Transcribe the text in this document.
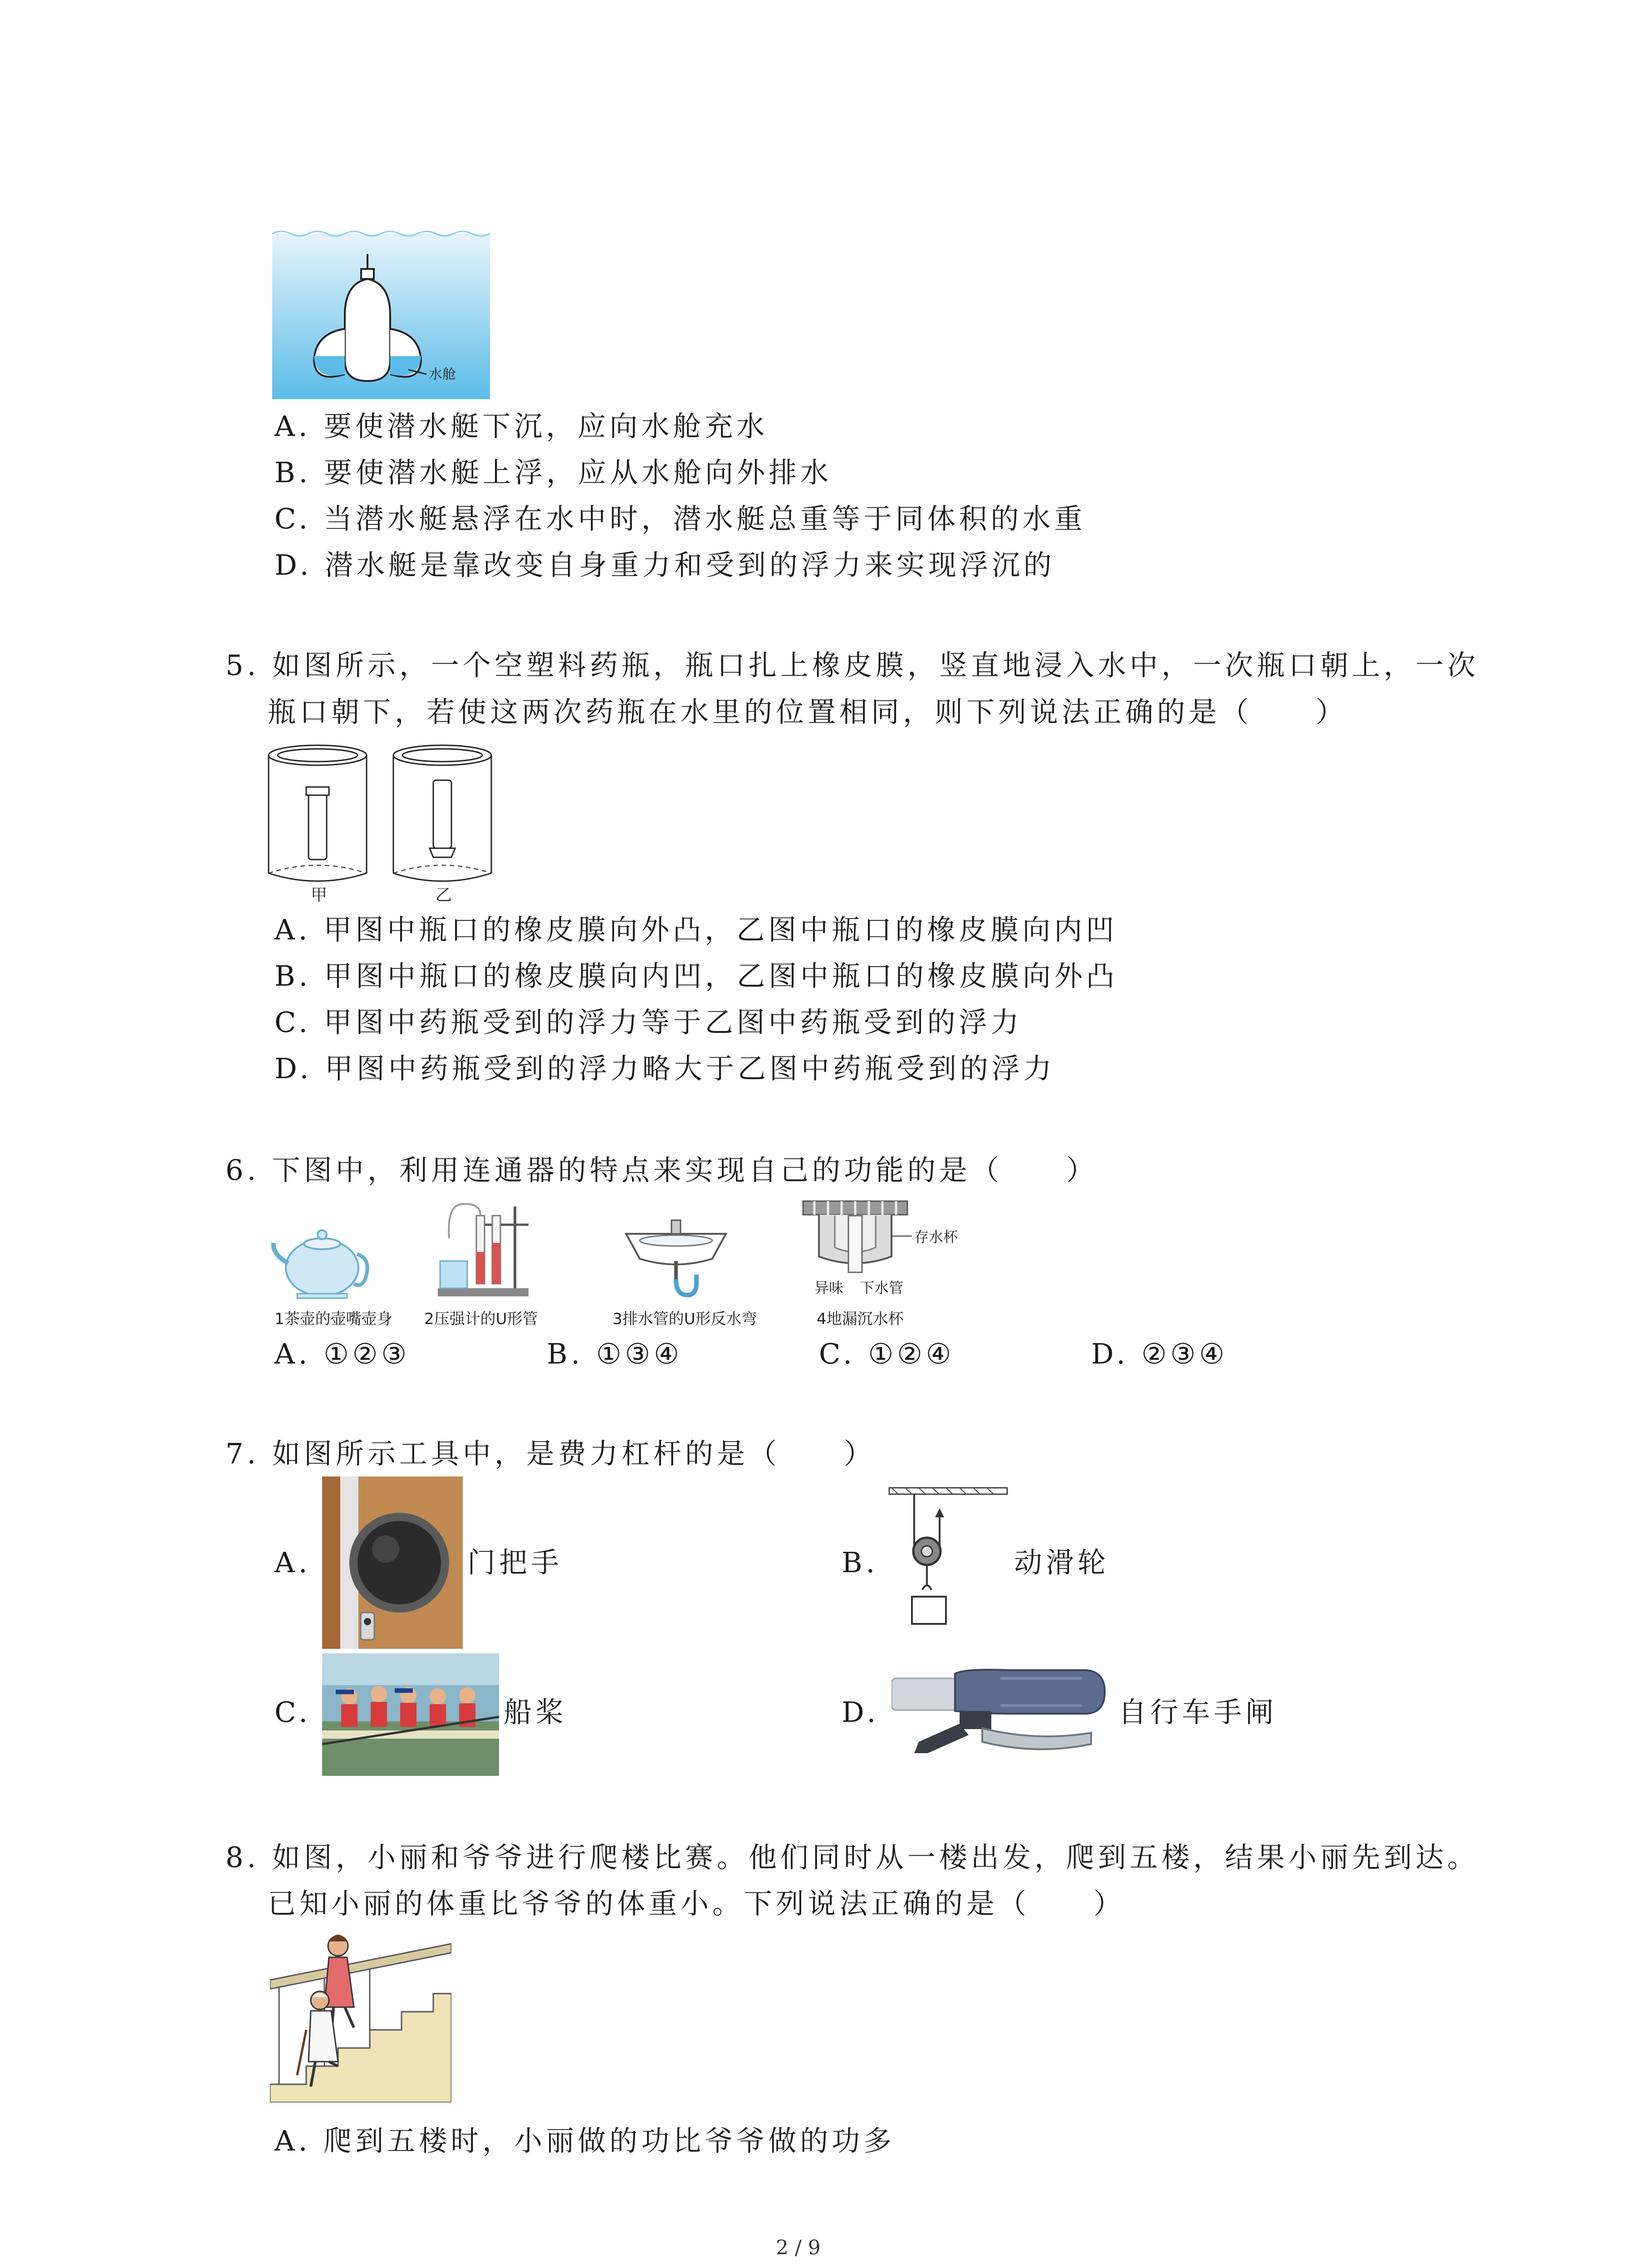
水舱
A. 要使潜水艇下沉，应向水舱充水
B. 要使潜水艇上浮，应从水舱向外排水
C. 当潜水艇悬浮在水中时，潜水艇总重等于同体积的水重
D. 潜水艇是靠改变自身重力和受到的浮力来实现浮沉的
5. 如图所示，一个空塑料药瓶，瓶口扎上橡皮膜，竖直地浸入水中，一次瓶口朝上，一次
瓶口朝下，若使这两次药瓶在水里的位置相同，则下列说法正确的是（　　）
甲	乙
A. 甲图中瓶口的橡皮膜向外凸，乙图中瓶口的橡皮膜向内凹
B. 甲图中瓶口的橡皮膜向内凹，乙图中瓶口的橡皮膜向外凸
C. 甲图中药瓶受到的浮力等于乙图中药瓶受到的浮力
D. 甲图中药瓶受到的浮力略大于乙图中药瓶受到的浮力
6. 下图中，利用连通器的特点来实现自己的功能的是（　　）
存水杯
异味 下水管
1茶壶的壶嘴壶身 2压强计的U形管	3排水管的U形反水弯	4地漏沉水杯
A. ①②③	B. ①③④	C. ①②④	D. ②③④
7. 如图所示工具中，是费力杠杆的是（　　）
A.	门把手	B.	动滑轮
C.	船桨	D.	自行车手闸
8. 如图，小丽和爷爷进行爬楼比赛。他们同时从一楼出发，爬到五楼，结果小丽先到达。
已知小丽的体重比爷爷的体重小。下列说法正确的是（　　）
A. 爬到五楼时，小丽做的功比爷爷做的功多
2 / 9
